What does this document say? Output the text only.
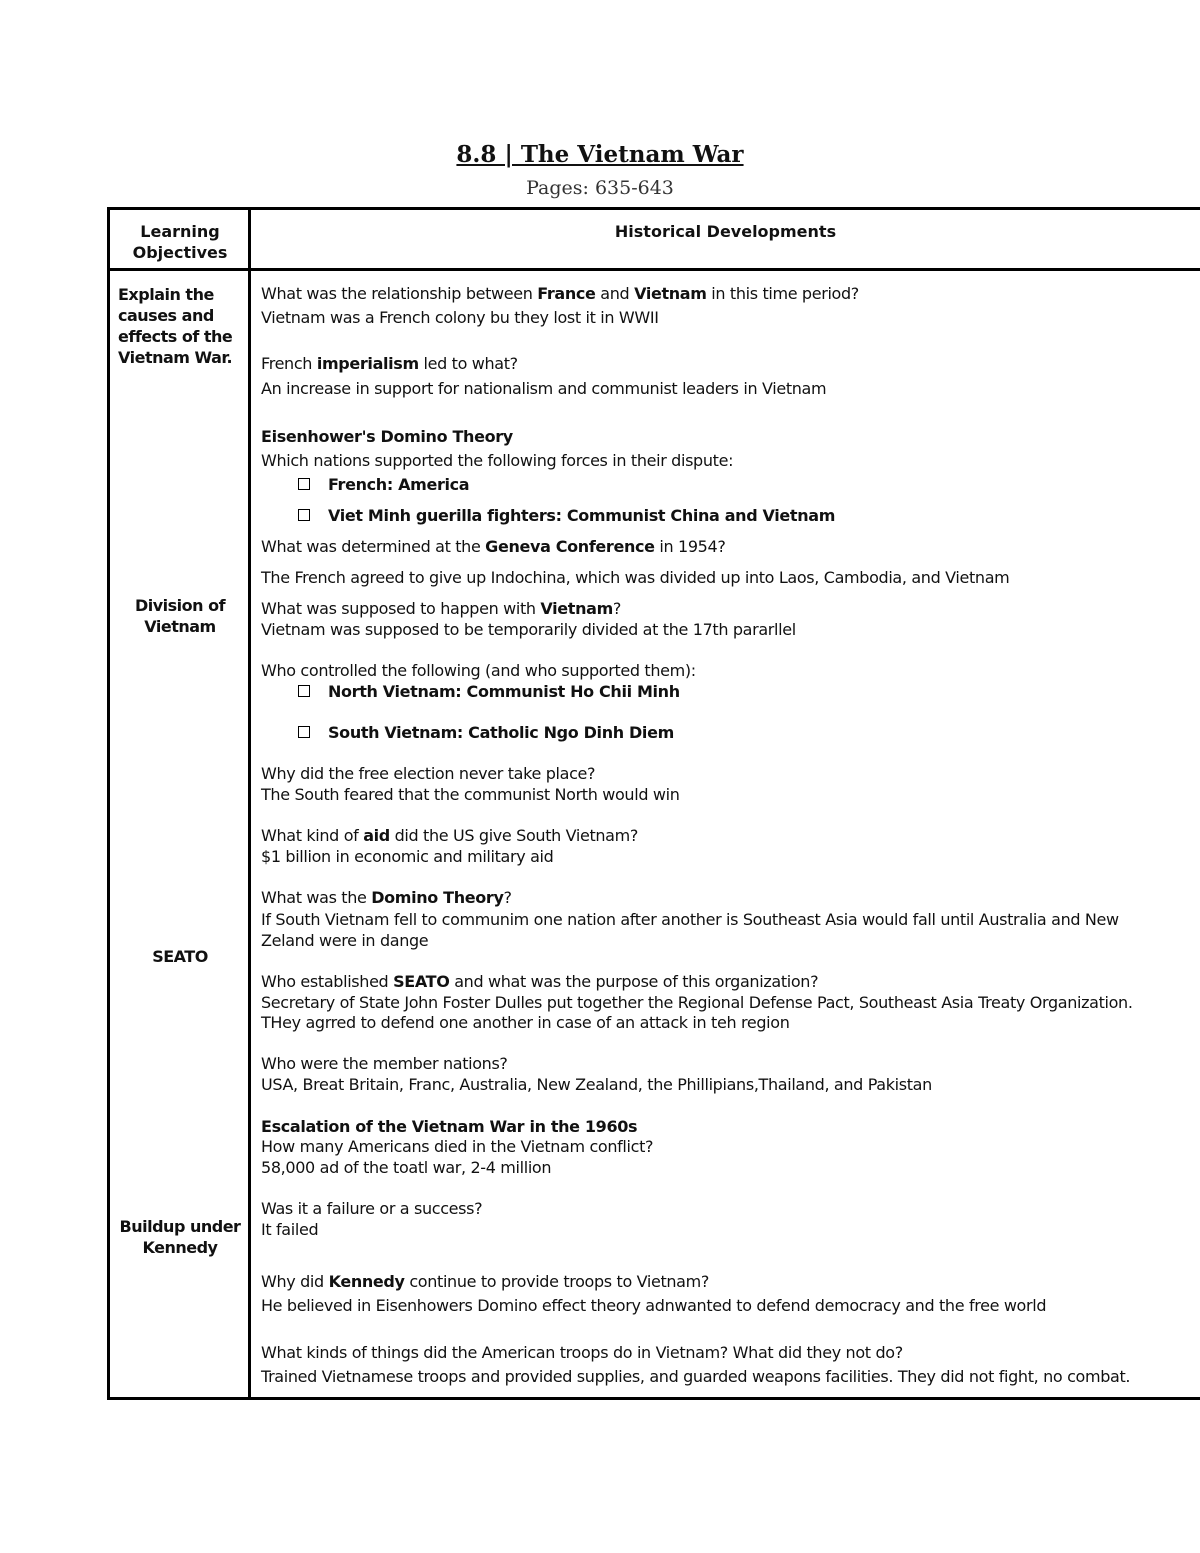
8.8 | The Vietnam War
Pages: 635-643
Learning
Objectives
Historical Developments
Explain the
causes and
effects of the
Vietnam War.
Division of
Vietnam
SEATO
Buildup under
Kennedy
What was the relationship between France and Vietnam in this time period?
Vietnam was a French colony bu they lost it in WWII
French imperialism led to what?
An increase in support for nationalism and communist leaders in Vietnam
Eisenhower's Domino Theory
Which nations supported the following forces in their dispute:
French: America
Viet Minh guerilla fighters: Communist China and Vietnam
What was determined at the Geneva Conference in 1954?
The French agreed to give up Indochina, which was divided up into Laos, Cambodia, and Vietnam
What was supposed to happen with Vietnam?
Vietnam was supposed to be temporarily divided at the 17th pararllel
Who controlled the following (and who supported them):
North Vietnam: Communist Ho Chii Minh
South Vietnam: Catholic Ngo Dinh Diem
Why did the free election never take place?
The South feared that the communist North would win
What kind of aid did the US give South Vietnam?
$1 billion in economic and military aid
What was the Domino Theory?
If South Vietnam fell to communim one nation after another is Southeast Asia would fall until Australia and New
Zeland were in dange
Who established SEATO and what was the purpose of this organization?
Secretary of State John Foster Dulles put together the Regional Defense Pact, Southeast Asia Treaty Organization.
THey agrred to defend one another in case of an attack in teh region
Who were the member nations?
USA, Breat Britain, Franc, Australia, New Zealand, the Phillipians,Thailand, and Pakistan
Escalation of the Vietnam War in the 1960s
How many Americans died in the Vietnam conflict?
58,000 ad of the toatl war, 2-4 million
Was it a failure or a success?
It failed
Why did Kennedy continue to provide troops to Vietnam?
He believed in Eisenhowers Domino effect theory adnwanted to defend democracy and the free world
What kinds of things did the American troops do in Vietnam? What did they not do?
Trained Vietnamese troops and provided supplies, and guarded weapons facilities. They did not fight, no combat.
